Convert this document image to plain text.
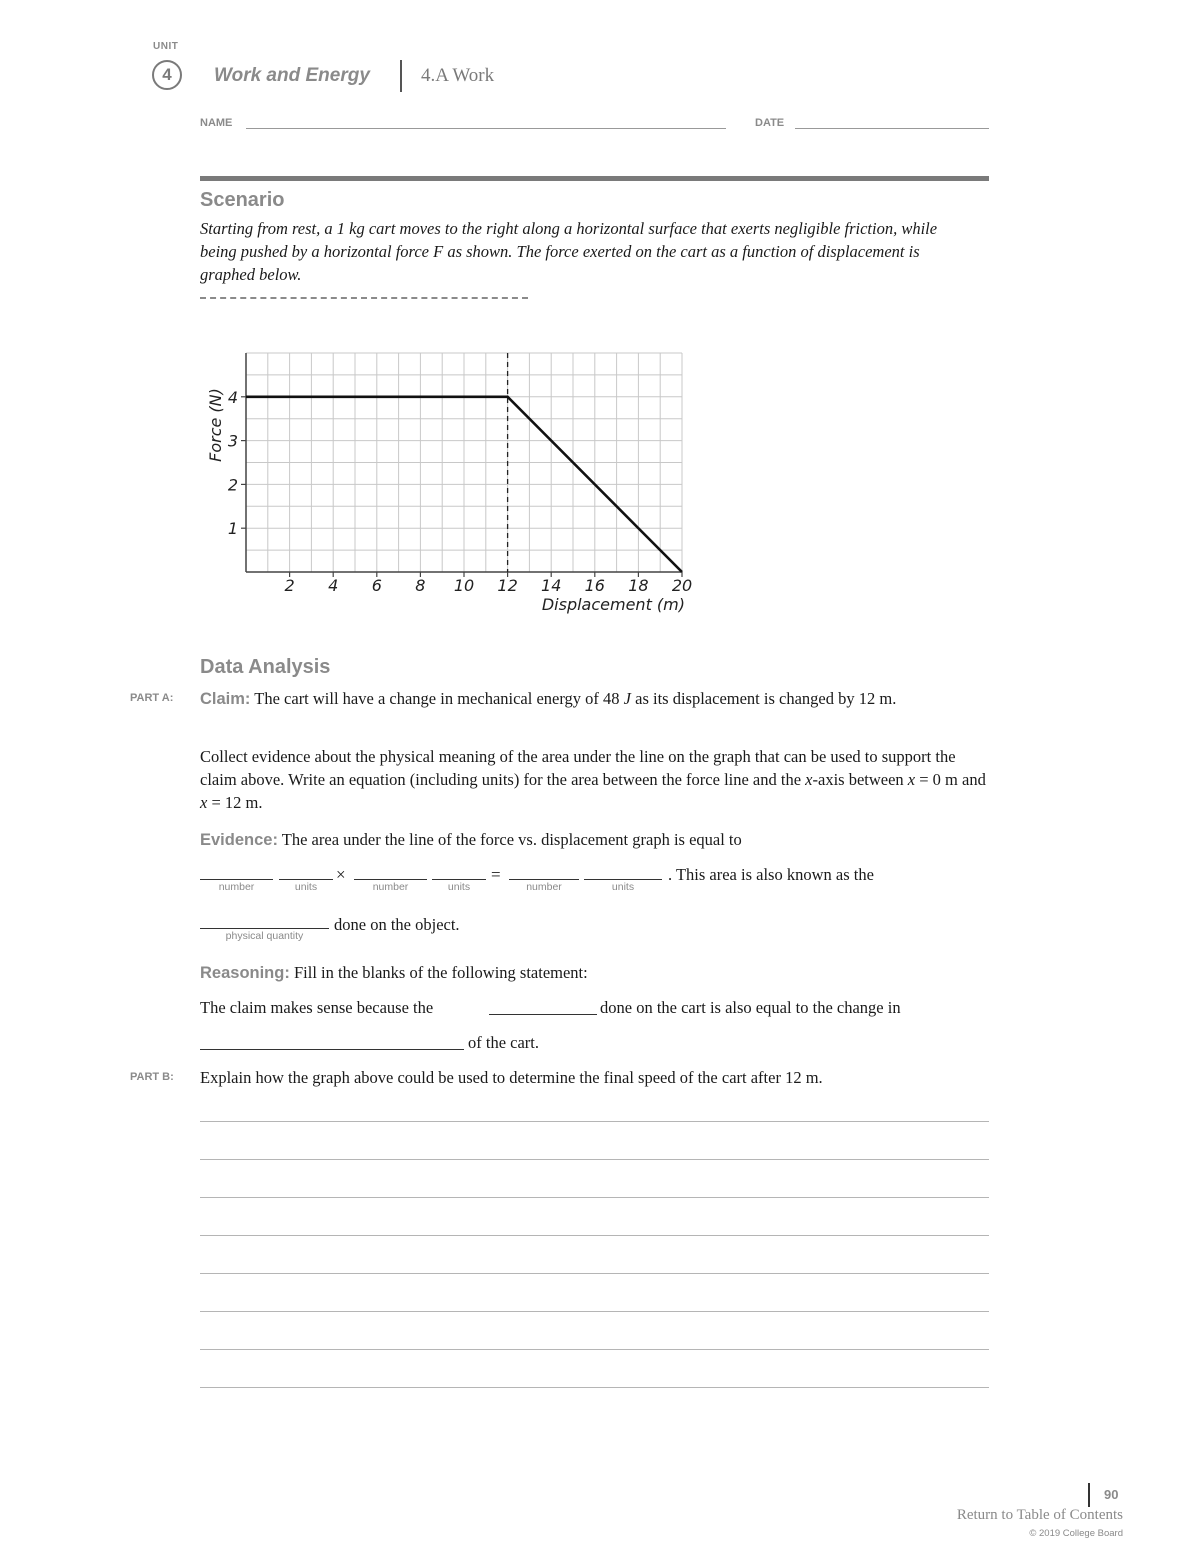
UNIT
4	Work and Energy	4.A Work
NAME	DATE
Scenario
Starting from rest, a 1 kg cart moves to the right along a horizontal surface that exerts negligible friction, while being pushed by a horizontal force F as shown. The force exerted on the cart as a function of displacement is graphed below.
2 4 6 8 10 12 14 16 18 20
1
2
3
4
Displacement (m)
Force (N)
Data Analysis
PART A: Claim: The cart will have a change in mechanical energy of 48 J as its displacement is changed by 12 m.
Collect evidence about the physical meaning of the area under the line on the graph that can be used to support the claim above. Write an equation (including units) for the area between the force line and the x-axis between x = 0 m and x = 12 m.
Evidence: The area under the line of the force vs. displacement graph is equal to
number	units
×
number	units
=
number	units
. This area is also known as the
physical quantity
done on the object.
Reasoning: Fill in the blanks of the following statement:
The claim makes sense because the	done on the cart is also equal to the change in
of the cart.
PART B: Explain how the graph above could be used to determine the final speed of the cart after 12 m.
90
Return to Table of Contents
© 2019 College Board
